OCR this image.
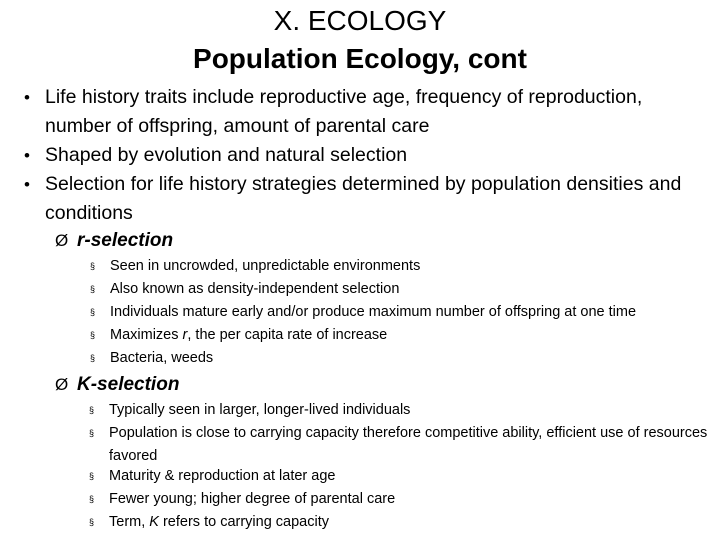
X. ECOLOGY
Population Ecology, cont
• Life history traits include reproductive age, frequency of reproduction, number of offspring, amount of parental care
• Shaped by evolution and natural selection
• Selection for life history strategies determined by population densities and conditions
Ø r-selection
§ Seen in uncrowded, unpredictable environments
§ Also known as density-independent selection
§ Individuals mature early and/or produce maximum number of offspring at one time
§ Maximizes r, the per capita rate of increase
§ Bacteria, weeds
Ø K-selection
§ Typically seen in larger, longer-lived individuals
§ Population is close to carrying capacity therefore competitive ability, efficient use of resources favored
§ Maturity & reproduction at later age
§ Fewer young; higher degree of parental care
§ Term, K refers to carrying capacity
